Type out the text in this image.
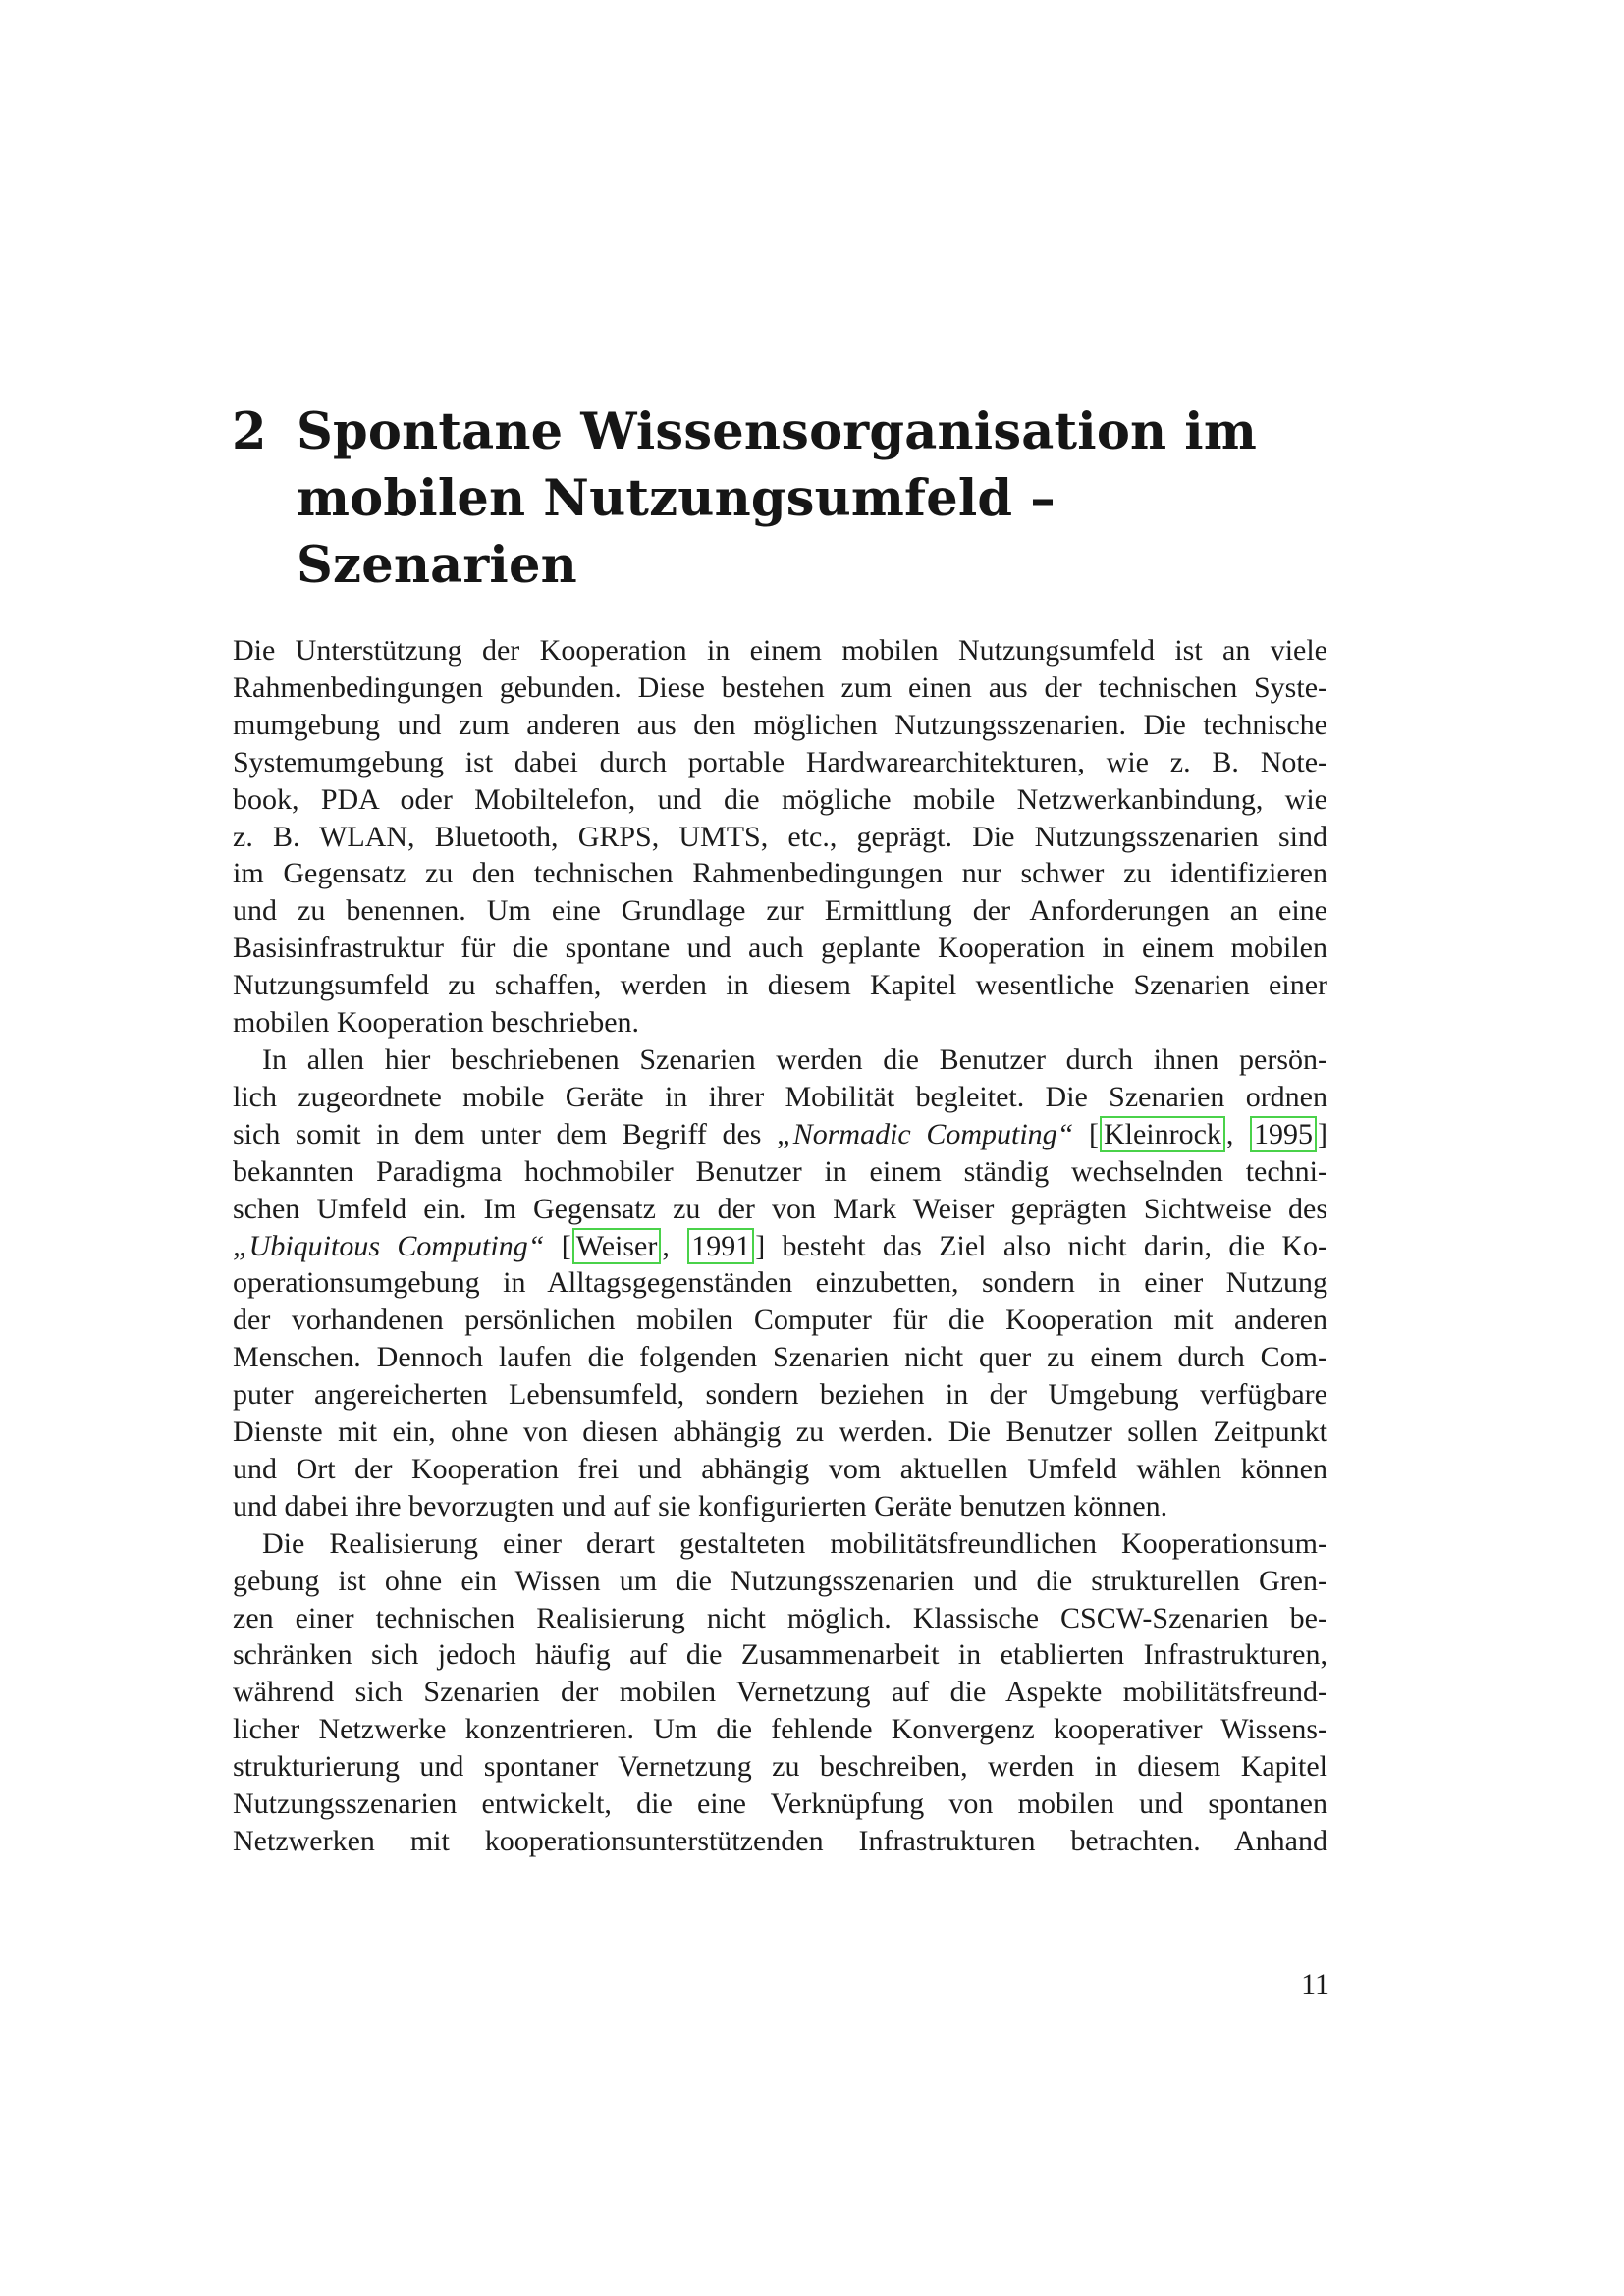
2 Spontane Wissensorganisation im
mobilen Nutzungsumfeld –
Szenarien
Die Unterstützung der Kooperation in einem mobilen Nutzungsumfeld ist an viele
Rahmenbedingungen gebunden. Diese bestehen zum einen aus der technischen Syste-
mumgebung und zum anderen aus den möglichen Nutzungsszenarien. Die technische
Systemumgebung ist dabei durch portable Hardwarearchitekturen, wie z. B. Note-
book, PDA oder Mobiltelefon, und die mögliche mobile Netzwerkanbindung, wie
z. B. WLAN, Bluetooth, GRPS, UMTS, etc., geprägt. Die Nutzungsszenarien sind
im Gegensatz zu den technischen Rahmenbedingungen nur schwer zu identifizieren
und zu benennen. Um eine Grundlage zur Ermittlung der Anforderungen an eine
Basisinfrastruktur für die spontane und auch geplante Kooperation in einem mobilen
Nutzungsumfeld zu schaffen, werden in diesem Kapitel wesentliche Szenarien einer
mobilen Kooperation beschrieben.
In allen hier beschriebenen Szenarien werden die Benutzer durch ihnen persön-
lich zugeordnete mobile Geräte in ihrer Mobilität begleitet. Die Szenarien ordnen
sich somit in dem unter dem Begriff des „Normadic Computing“ [ Kleinrock , 1995 ]
bekannten Paradigma hochmobiler Benutzer in einem ständig wechselnden techni-
schen Umfeld ein. Im Gegensatz zu der von Mark Weiser geprägten Sichtweise des
„Ubiquitous Computing“ [ Weiser , 1991 ] besteht das Ziel also nicht darin, die Ko-
operationsumgebung in Alltagsgegenständen einzubetten, sondern in einer Nutzung
der vorhandenen persönlichen mobilen Computer für die Kooperation mit anderen
Menschen. Dennoch laufen die folgenden Szenarien nicht quer zu einem durch Com-
puter angereicherten Lebensumfeld, sondern beziehen in der Umgebung verfügbare
Dienste mit ein, ohne von diesen abhängig zu werden. Die Benutzer sollen Zeitpunkt
und Ort der Kooperation frei und abhängig vom aktuellen Umfeld wählen können
und dabei ihre bevorzugten und auf sie konfigurierten Geräte benutzen können.
Die Realisierung einer derart gestalteten mobilitätsfreundlichen Kooperationsum-
gebung ist ohne ein Wissen um die Nutzungsszenarien und die strukturellen Gren-
zen einer technischen Realisierung nicht möglich. Klassische CSCW-Szenarien be-
schränken sich jedoch häufig auf die Zusammenarbeit in etablierten Infrastrukturen,
während sich Szenarien der mobilen Vernetzung auf die Aspekte mobilitätsfreund-
licher Netzwerke konzentrieren. Um die fehlende Konvergenz kooperativer Wissens-
strukturierung und spontaner Vernetzung zu beschreiben, werden in diesem Kapitel
Nutzungsszenarien entwickelt, die eine Verknüpfung von mobilen und spontanen
Netzwerken mit kooperationsunterstützenden Infrastrukturen betrachten. Anhand
11
